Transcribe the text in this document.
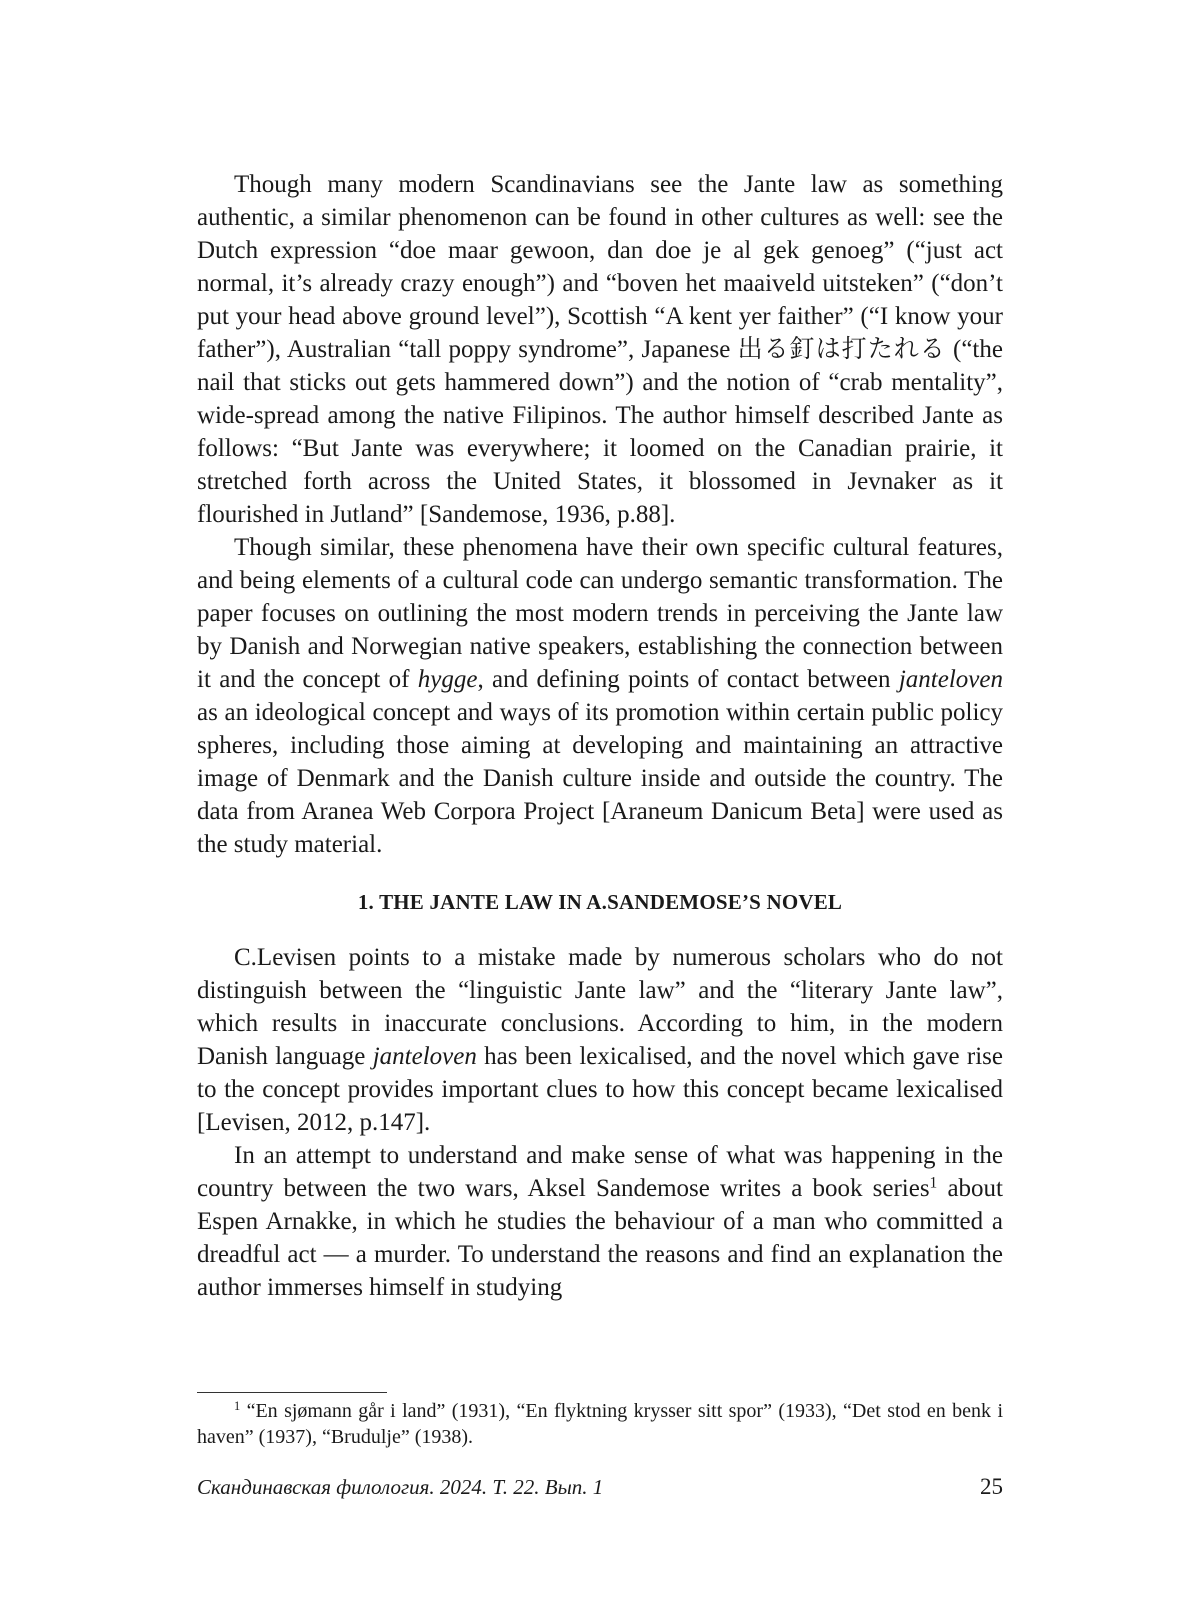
Though many modern Scandinavians see the Jante law as something authentic, a similar phenomenon can be found in other cultures as well: see the Dutch expression “doe maar gewoon, dan doe je al gek genoeg” (“just act normal, it’s already crazy enough”) and “boven het maaiveld uitsteken” (“don’t put your head above ground level”), Scottish “A kent yer faither” (“I know your father”), Australian “tall poppy syndrome”, Japanese 出る釘は打たれる (“the nail that sticks out gets hammered down”) and the notion of “crab mentality”, wide-spread among the native Filipinos. The author himself described Jante as follows: “But Jante was everywhere; it loomed on the Canadian prairie, it stretched forth across the United States, it blossomed in Jevnaker as it flourished in Jutland” [Sandemose, 1936, p.88].

Though similar, these phenomena have their own specific cultural features, and being elements of a cultural code can undergo semantic transformation. The paper focuses on outlining the most modern trends in perceiving the Jante law by Danish and Norwegian native speakers, establishing the connection between it and the concept of hygge, and defining points of contact between janteloven as an ideological concept and ways of its promotion within certain public policy spheres, including those aiming at developing and maintaining an attractive image of Denmark and the Danish culture inside and outside the country. The data from Aranea Web Corpora Project [Araneum Danicum Beta] were used as the study material.

1. THE JANTE LAW IN A.SANDEMOSE’S NOVEL

C.Levisen points to a mistake made by numerous scholars who do not distinguish between the “linguistic Jante law” and the “literary Jante law”, which results in inaccurate conclusions. According to him, in the modern Danish language janteloven has been lexicalised, and the novel which gave rise to the concept provides important clues to how this concept became lexicalised [Levisen, 2012, p.147].

In an attempt to understand and make sense of what was happening in the country between the two wars, Aksel Sandemose writes a book series$^1$ about Espen Arnakke, in which he studies the behaviour of a man who committed a dreadful act — a murder. To understand the reasons and find an explanation the author immerses himself in studying

$^1$ “En sjømann går i land” (1931), “En flyktning krysser sitt spor” (1933), “Det stod en benk i haven” (1937), “Brudulje” (1938).

Скандинавская филология. 2024. Т. 22. Вып. 1	25
